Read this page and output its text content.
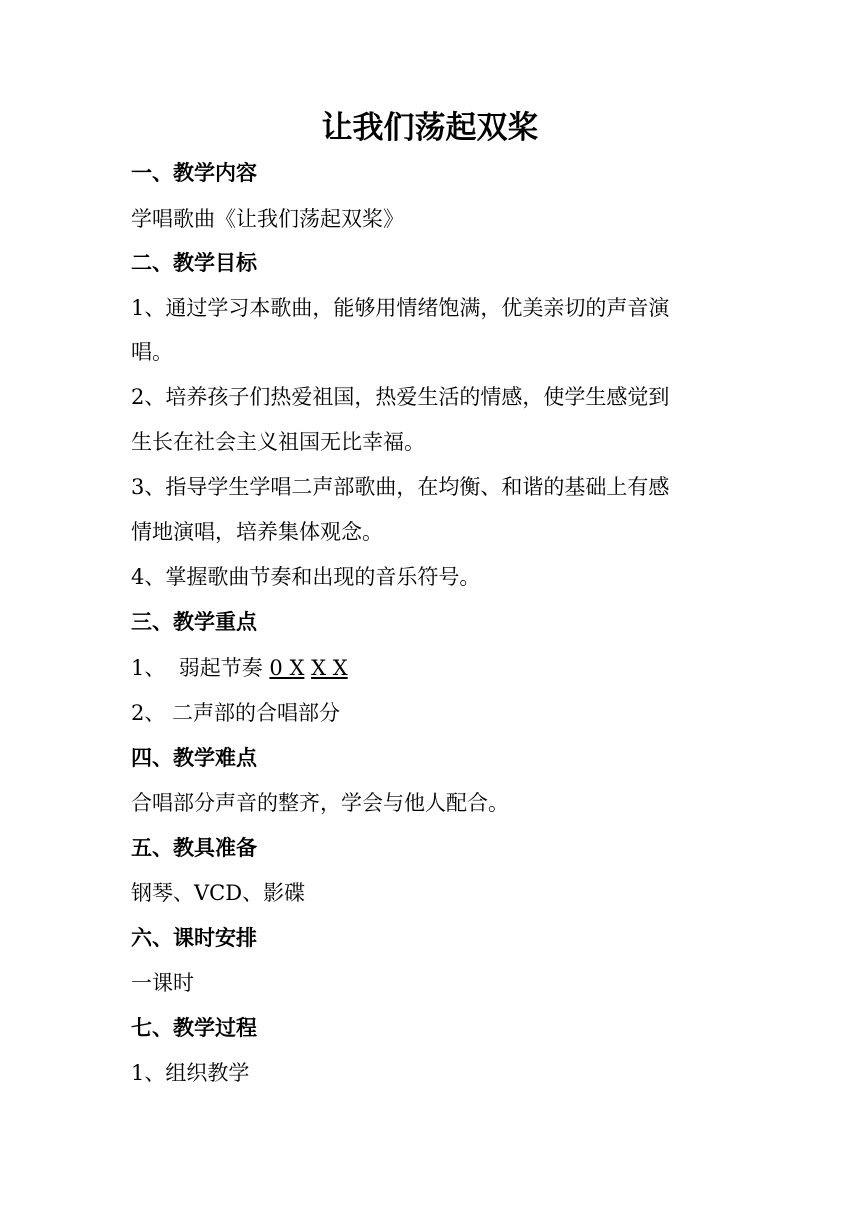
让我们荡起双桨
一、教学内容
学唱歌曲《让我们荡起双桨》
二、教学目标
1、通过学习本歌曲，能够用情绪饱满，优美亲切的声音演
唱。
2、培养孩子们热爱祖国，热爱生活的情感，使学生感觉到
生长在社会主义祖国无比幸福。
3、指导学生学唱二声部歌曲，在均衡、和谐的基础上有感
情地演唱，培养集体观念。
4、掌握歌曲节奏和出现的音乐符号。
三、教学重点
1、  弱起节奏 0 X X X
2、 二声部的合唱部分
四、教学难点
合唱部分声音的整齐，学会与他人配合。
五、教具准备
钢琴、VCD、影碟
六、课时安排
一课时
七、教学过程
1、组织教学
